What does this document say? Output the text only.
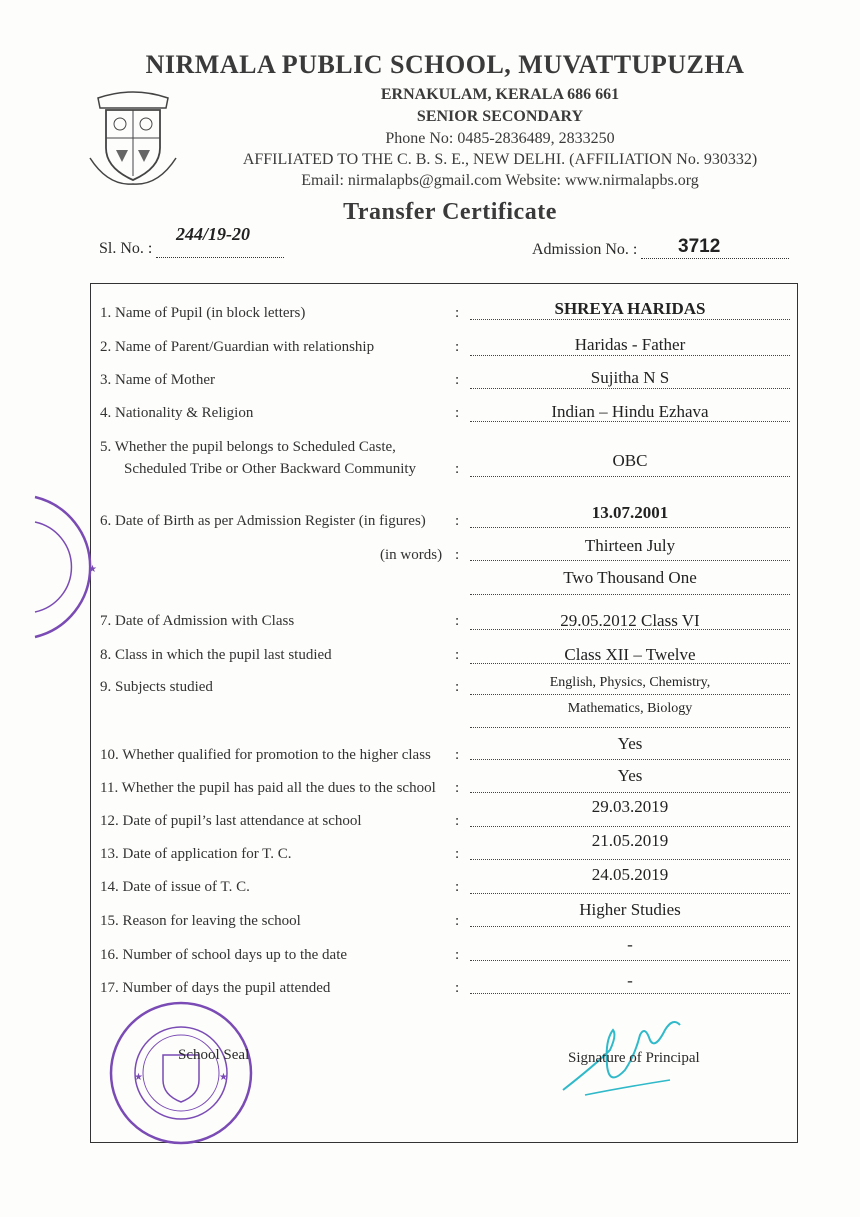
NIRMALA PUBLIC SCHOOL, MUVATTUPUZHA
ERNAKULAM, KERALA 686 661
SENIOR SECONDARY
Phone No: 0485-2836489, 2833250
AFFILIATED TO THE C. B. S. E., NEW DELHI. (AFFILIATION No. 930332)
Email: nirmalapbs@gmail.com Website: www.nirmalapbs.org
Transfer Certificate
Sl. No. :
244/19-20
Admission No. :	3712
1. Name of Pupil (in block letters)	:	SHREYA HARIDAS
2. Name of Parent/Guardian with relationship	:	Haridas - Father
3. Name of Mother	:	Sujitha N S
4. Nationality & Religion	:	Indian – Hindu Ezhava
5. Whether the pupil belongs to Scheduled Caste,
Scheduled Tribe or Other Backward Community	:	OBC
6. Date of Birth as per Admission Register (in figures) :	13.07.2001
(in words) :	Thirteen July
Two Thousand One
7. Date of Admission with Class	:	29.05.2012 Class VI
8. Class in which the pupil last studied	:	Class XII – Twelve
9. Subjects studied	:	English, Physics, Chemistry,
Mathematics, Biology
10. Whether qualified for promotion to the higher class :
Yes
11. Whether the pupil has paid all the dues to the school :
Yes
12. Date of pupil’s last attendance at school	:
29.03.2019
13. Date of application for T. C.	:
21.05.2019
14. Date of issue of T. C.	:
24.05.2019
15. Reason for leaving the school	:
Higher Studies
16. Number of school days up to the date	:
-
17. Number of days the pupil attended	:	-
★	★
School Seal
★
Signature of Principal
